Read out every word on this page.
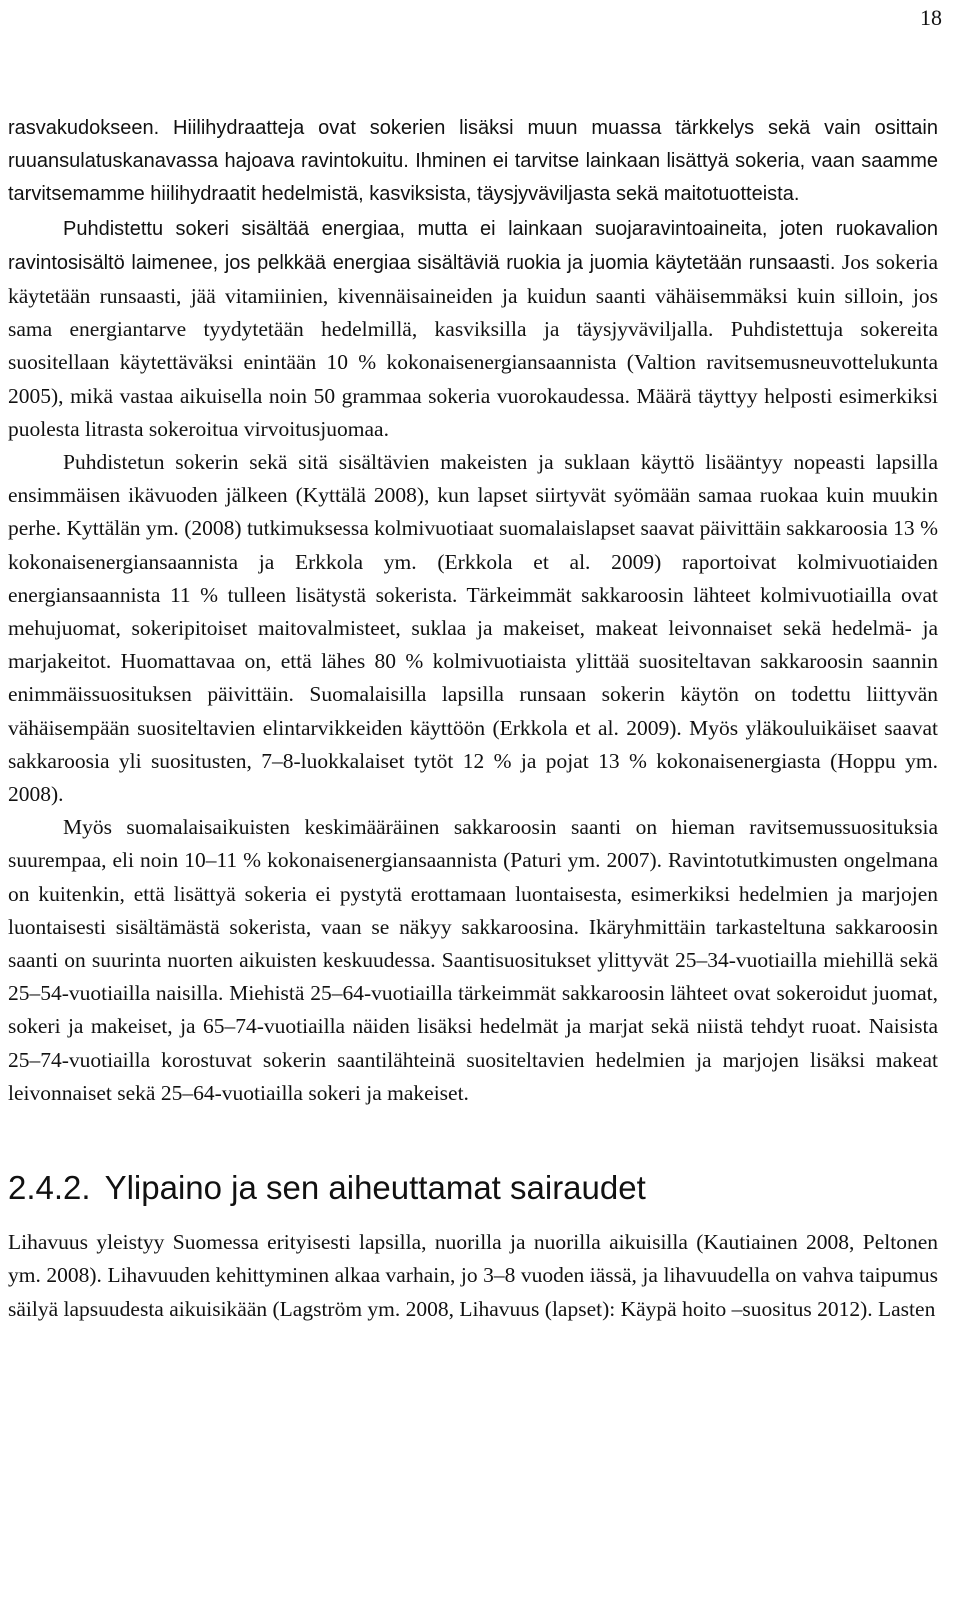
18

rasvakudokseen. Hiilihydraatteja ovat sokerien lisäksi muun muassa tärkkelys sekä vain osittain ruuansulatuskanavassa hajoava ravintokuitu. Ihminen ei tarvitse lainkaan lisättyä sokeria, vaan saamme tarvitsemamme hiilihydraatit hedelmistä, kasviksista, täysjyväviljasta sekä maitotuotteista.

Puhdistettu sokeri sisältää energiaa, mutta ei lainkaan suojaravintoaineita, joten ruokavalion ravintosisältö laimenee, jos pelkkää energiaa sisältäviä ruokia ja juomia käytetään runsaasti. Jos sokeria käytetään runsaasti, jää vitamiinien, kivennäisaineiden ja kuidun saanti vähäisemmäksi kuin silloin, jos sama energiantarve tyydytetään hedelmillä, kasviksilla ja täysjyväviljalla. Puhdistettuja sokereita suositellaan käytettäväksi enintään 10 % kokonaisenergiansaannista (Valtion ravitsemusneuvottelukunta 2005), mikä vastaa aikuisella noin 50 grammaa sokeria vuorokaudessa. Määrä täyttyy helposti esimerkiksi puolesta litrasta sokeroitua virvoitusjuomaa.

Puhdistetun sokerin sekä sitä sisältävien makeisten ja suklaan käyttö lisääntyy nopeasti lapsilla ensimmäisen ikävuoden jälkeen (Kyttälä 2008), kun lapset siirtyvät syömään samaa ruokaa kuin muukin perhe. Kyttälän ym. (2008) tutkimuksessa kolmivuotiaat suomalaislapset saavat päivittäin sakkaroosia 13 % kokonaisenergiansaannista ja Erkkola ym. (Erkkola et al. 2009) raportoivat kolmivuotiaiden energiansaannista 11 % tulleen lisätystä sokerista. Tärkeimmät sakkaroosin lähteet kolmivuotiailla ovat mehujuomat, sokeripitoiset maitovalmisteet, suklaa ja makeiset, makeat leivonnaiset sekä hedelmä- ja marjakeitot. Huomattavaa on, että lähes 80 % kolmivuotiaista ylittää suositeltavan sakkaroosin saannin enimmäissuosituksen päivittäin. Suomalaisilla lapsilla runsaan sokerin käytön on todettu liittyvän vähäisempään suositeltavien elintarvikkeiden käyttöön (Erkkola et al. 2009). Myös yläkouluikäiset saavat sakkaroosia yli suositusten, 7–8-luokkalaiset tytöt 12 % ja pojat 13 % kokonaisenergiasta (Hoppu ym. 2008).

Myös suomalaisaikuisten keskimääräinen sakkaroosin saanti on hieman ravitsemussuosituksia suurempaa, eli noin 10–11 % kokonaisenergiansaannista (Paturi ym. 2007). Ravintotutkimusten ongelmana on kuitenkin, että lisättyä sokeria ei pystytä erottamaan luontaisesta, esimerkiksi hedelmien ja marjojen luontaisesti sisältämästä sokerista, vaan se näkyy sakkaroosina. Ikäryhmittäin tarkasteltuna sakkaroosin saanti on suurinta nuorten aikuisten keskuudessa. Saantisuositukset ylittyvät 25–34-vuotiailla miehillä sekä 25–54-vuotiailla naisilla. Miehistä 25–64-vuotiailla tärkeimmät sakkaroosin lähteet ovat sokeroidut juomat, sokeri ja makeiset, ja 65–74-vuotiailla näiden lisäksi hedelmät ja marjat sekä niistä tehdyt ruoat. Naisista 25–74-vuotiailla korostuvat sokerin saantilähteinä suositeltavien hedelmien ja marjojen lisäksi makeat leivonnaiset sekä 25–64-vuotiailla sokeri ja makeiset.

2.4.2. Ylipaino ja sen aiheuttamat sairaudet

Lihavuus yleistyy Suomessa erityisesti lapsilla, nuorilla ja nuorilla aikuisilla (Kautiainen 2008, Peltonen ym. 2008). Lihavuuden kehittyminen alkaa varhain, jo 3–8 vuoden iässä, ja lihavuudella on vahva taipumus säilyä lapsuudesta aikuisikään (Lagström ym. 2008, Lihavuus (lapset): Käypä hoito –suositus 2012). Lasten
